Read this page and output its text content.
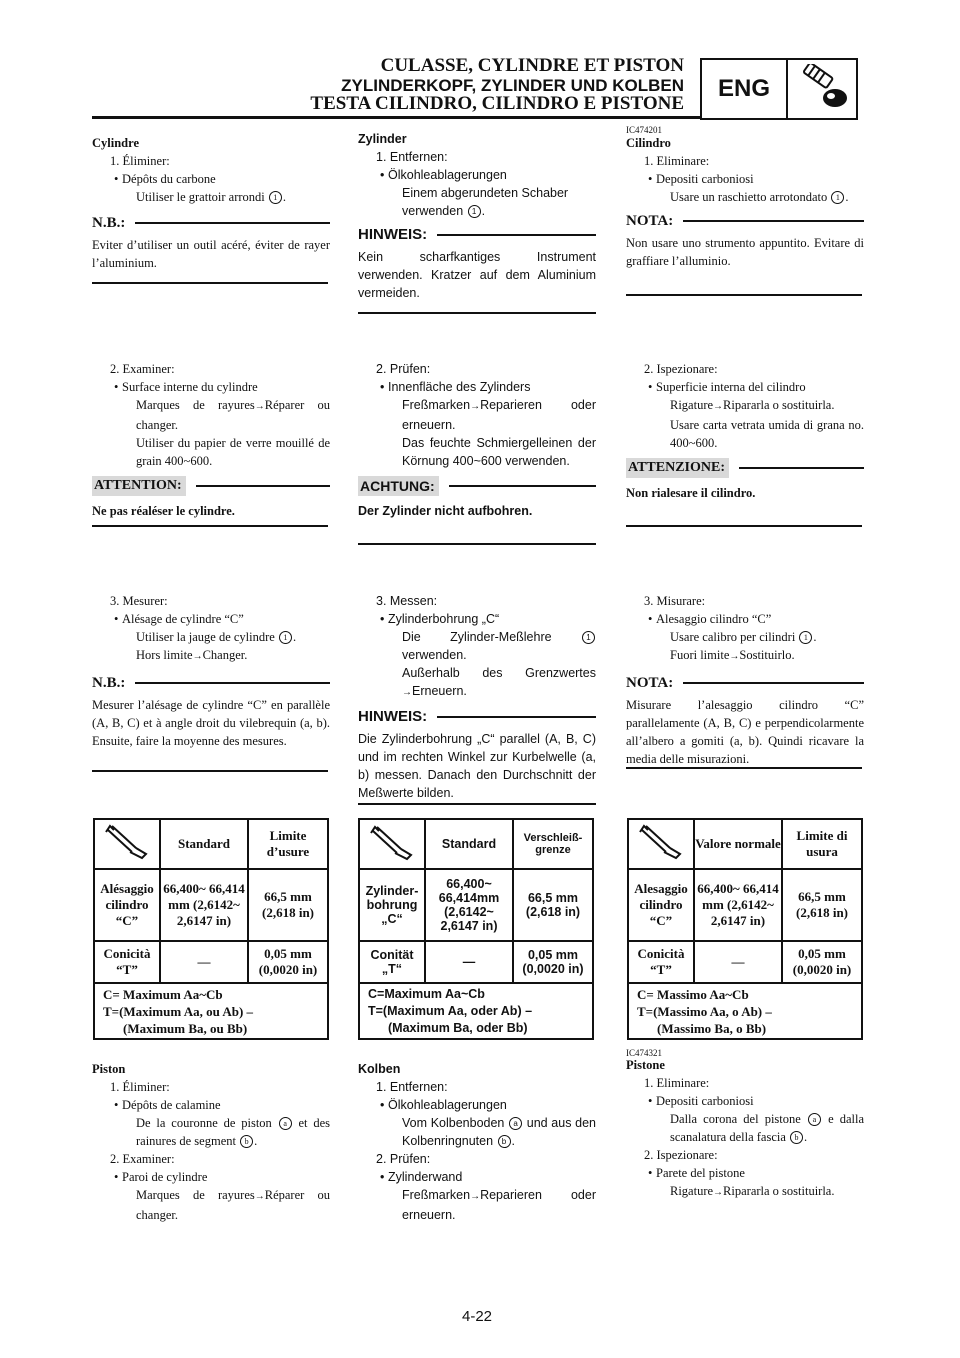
CULASSE, CYLINDRE ET PISTON
ZYLINDERKOPF, ZYLINDER UND KOLBEN
TESTA CILINDRO, CILINDRO E PISTONE
ENG

Cylindre

1. Éliminer:

• Dépôts du carbone

Utiliser le grattoir arrondi 1 .

N.B.:

Eviter d’utiliser un outil acéré, éviter de rayer l’aluminium.

2. Examiner:

• Surface interne du cylindre

Marques de rayures→Réparer ou changer.

Utiliser du papier de verre mouillé de grain 400~600.

ATTENTION:

Ne pas réaléser le cylindre.

3. Mesurer:

• Alésage de cylindre “C”

Utiliser la jauge de cylindre 1 .

Hors limite→Changer.

N.B.:

Mesurer l’alésage de cylindre “C” en parallèle (A, B, C) et à angle droit du vilebrequin (a, b). Ensuite, faire la moyenne des mesures.

	Standard	Limite d’usure
Alésaggio cilindro “C”	66,400~ 66,414 mm (2,6142~ 2,6147 in)	66,5 mm (2,618 in)
Conicità “T”	—	0,05 mm (0,0020 in)

C= Maximum Aa~Cb
T=(Maximum Aa, ou Ab) –
(Maximum Ba, ou Bb)		

Piston

1. Éliminer:

• Dépôts de calamine

De la couronne de piston a et des rainures de segment b .

2. Examiner:

• Paroi de cylindre

Marques de rayures→Réparer ou changer.

Zylinder

1. Entfernen:

• Ölkohleablagerungen

Einem abgerundeten Schaber verwenden 1 .

HINWEIS:

Kein scharfkantiges Instrument verwenden. Kratzer auf dem Aluminium vermeiden.

2. Prüfen:

• Innenfläche des Zylinders

Freßmarken→Reparieren oder erneuern.

Das feuchte Schmiergelleinen der Körnung 400~600 verwenden.

ACHTUNG:

Der Zylinder nicht aufbohren.

3. Messen:

• Zylinderbohrung „C“

Die Zylinder-Meßlehre	1 verwenden.

Außerhalb des Grenzwertes →Erneuern.

HINWEIS:

Die Zylinderbohrung „C“ parallel (A, B, C) und im rechten Winkel zur Kurbelwelle (a, b) messen. Danach den Durchschnitt der Meßwerte bilden.

	Standard	Verschleiß-grenze
Zylinder-bohrung „C“	66,400~ 66,414mm (2,6142~ 2,6147 in)	66,5 mm (2,618 in)
Conität „T“	—	0,05 mm (0,0020 in)

C=Maximum Aa~Cb
T=(Maximum Aa, oder Ab) –
(Maximum Ba, oder Bb)		

Kolben

1. Entfernen:

• Ölkohleablagerungen

Vom Kolbenboden a und aus den Kolbenringnuten b .

2. Prüfen:

• Zylinderwand

Freßmarken→Reparieren oder erneuern.

IC474201

Cilindro

1. Eliminare:

• Depositi carboniosi

Usare un raschietto arrotondato 1 .

NOTA:

Non usare uno strumento appuntito. Evitare di graffiare l’alluminio.

2. Ispezionare:

• Superficie interna del cilindro

Rigature→Ripararla o sostituirla.

Usare carta vetrata umida di grana no. 400~600.

ATTENZIONE:

Non rialesare il cilindro.

3. Misurare:

• Alesaggio cilindro “C”

Usare calibro per cilindri 1 .

Fuori limite→Sostituirlo.

NOTA:

Misurare l’alesaggio cilindro “C” parallelamente (A, B, C) e perpendicolarmente all’albero a gomiti (a, b). Quindi ricavare la media delle misurazioni.

	Valore normale	Limite di usura
Alesaggio cilindro “C”	66,400~ 66,414 mm (2,6142~ 2,6147 in)	66,5 mm (2,618 in)
Conicità “T”	—	0,05 mm (0,0020 in)

C= Massimo Aa~Cb
T=(Massimo Aa, o Ab) –
(Massimo Ba, o Bb)		
IC474321

Pistone

1. Eliminare:

• Depositi carboniosi

Dalla corona del pistone a e dalla scanalatura della fascia b .

2. Ispezionare:

• Parete del pistone

Rigature→Ripararla o sostituirla.

4-22
